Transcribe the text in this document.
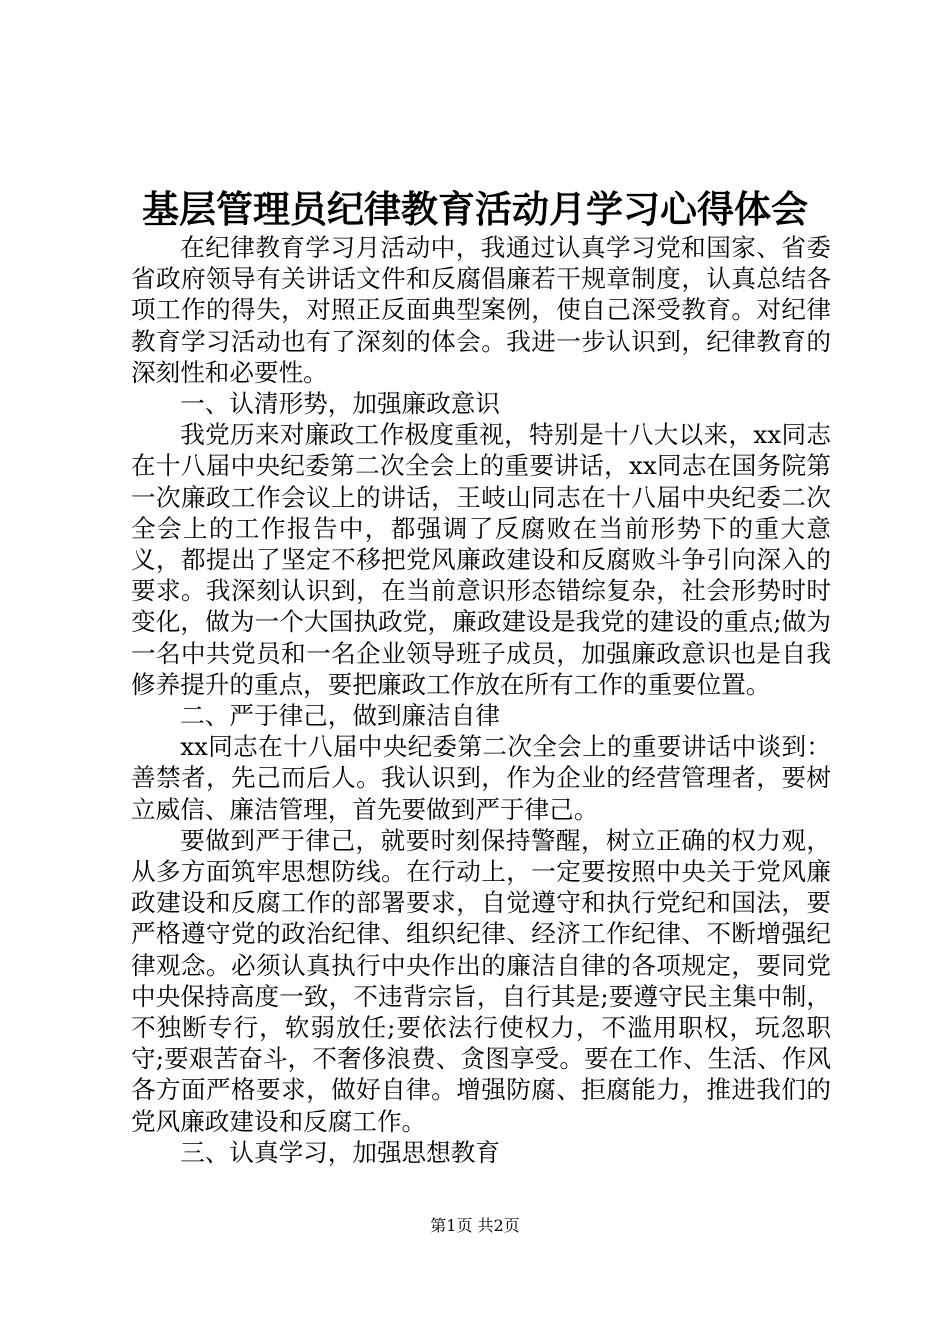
基层管理员纪律教育活动月学习心得体会

在纪律教育学习月活动中，我通过认真学习党和国家、省委省政府领导有关讲话文件和反腐倡廉若干规章制度，认真总结各项工作的得失，对照正反面典型案例，使自己深受教育。对纪律教育学习活动也有了深刻的体会。我进一步认识到，纪律教育的深刻性和必要性。

一、认清形势，加强廉政意识

我党历来对廉政工作极度重视，特别是十八大以来，xx同志在十八届中央纪委第二次全会上的重要讲话，xx同志在国务院第一次廉政工作会议上的讲话，王岐山同志在十八届中央纪委二次全会上的工作报告中，都强调了反腐败在当前形势下的重大意义，都提出了坚定不移把党风廉政建设和反腐败斗争引向深入的要求。我深刻认识到，在当前意识形态错综复杂，社会形势时时变化，做为一个大国执政党，廉政建设是我党的建设的重点;做为一名中共党员和一名企业领导班子成员，加强廉政意识也是自我修养提升的重点，要把廉政工作放在所有工作的重要位置。

二、严于律己，做到廉洁自律

xx同志在十八届中央纪委第二次全会上的重要讲话中谈到：善禁者，先己而后人。我认识到，作为企业的经营管理者，要树立威信、廉洁管理，首先要做到严于律己。

要做到严于律己，就要时刻保持警醒，树立正确的权力观，从多方面筑牢思想防线。在行动上，一定要按照中央关于党风廉政建设和反腐工作的部署要求，自觉遵守和执行党纪和国法，要严格遵守党的政治纪律、组织纪律、经济工作纪律、不断增强纪律观念。必须认真执行中央作出的廉洁自律的各项规定，要同党中央保持高度一致，不违背宗旨，自行其是;要遵守民主集中制，不独断专行，软弱放任;要依法行使权力，不滥用职权，玩忽职守;要艰苦奋斗，不奢侈浪费、贪图享受。要在工作、生活、作风各方面严格要求，做好自律。增强防腐、拒腐能力，推进我们的党风廉政建设和反腐工作。

三、认真学习，加强思想教育

第1页 共2页
